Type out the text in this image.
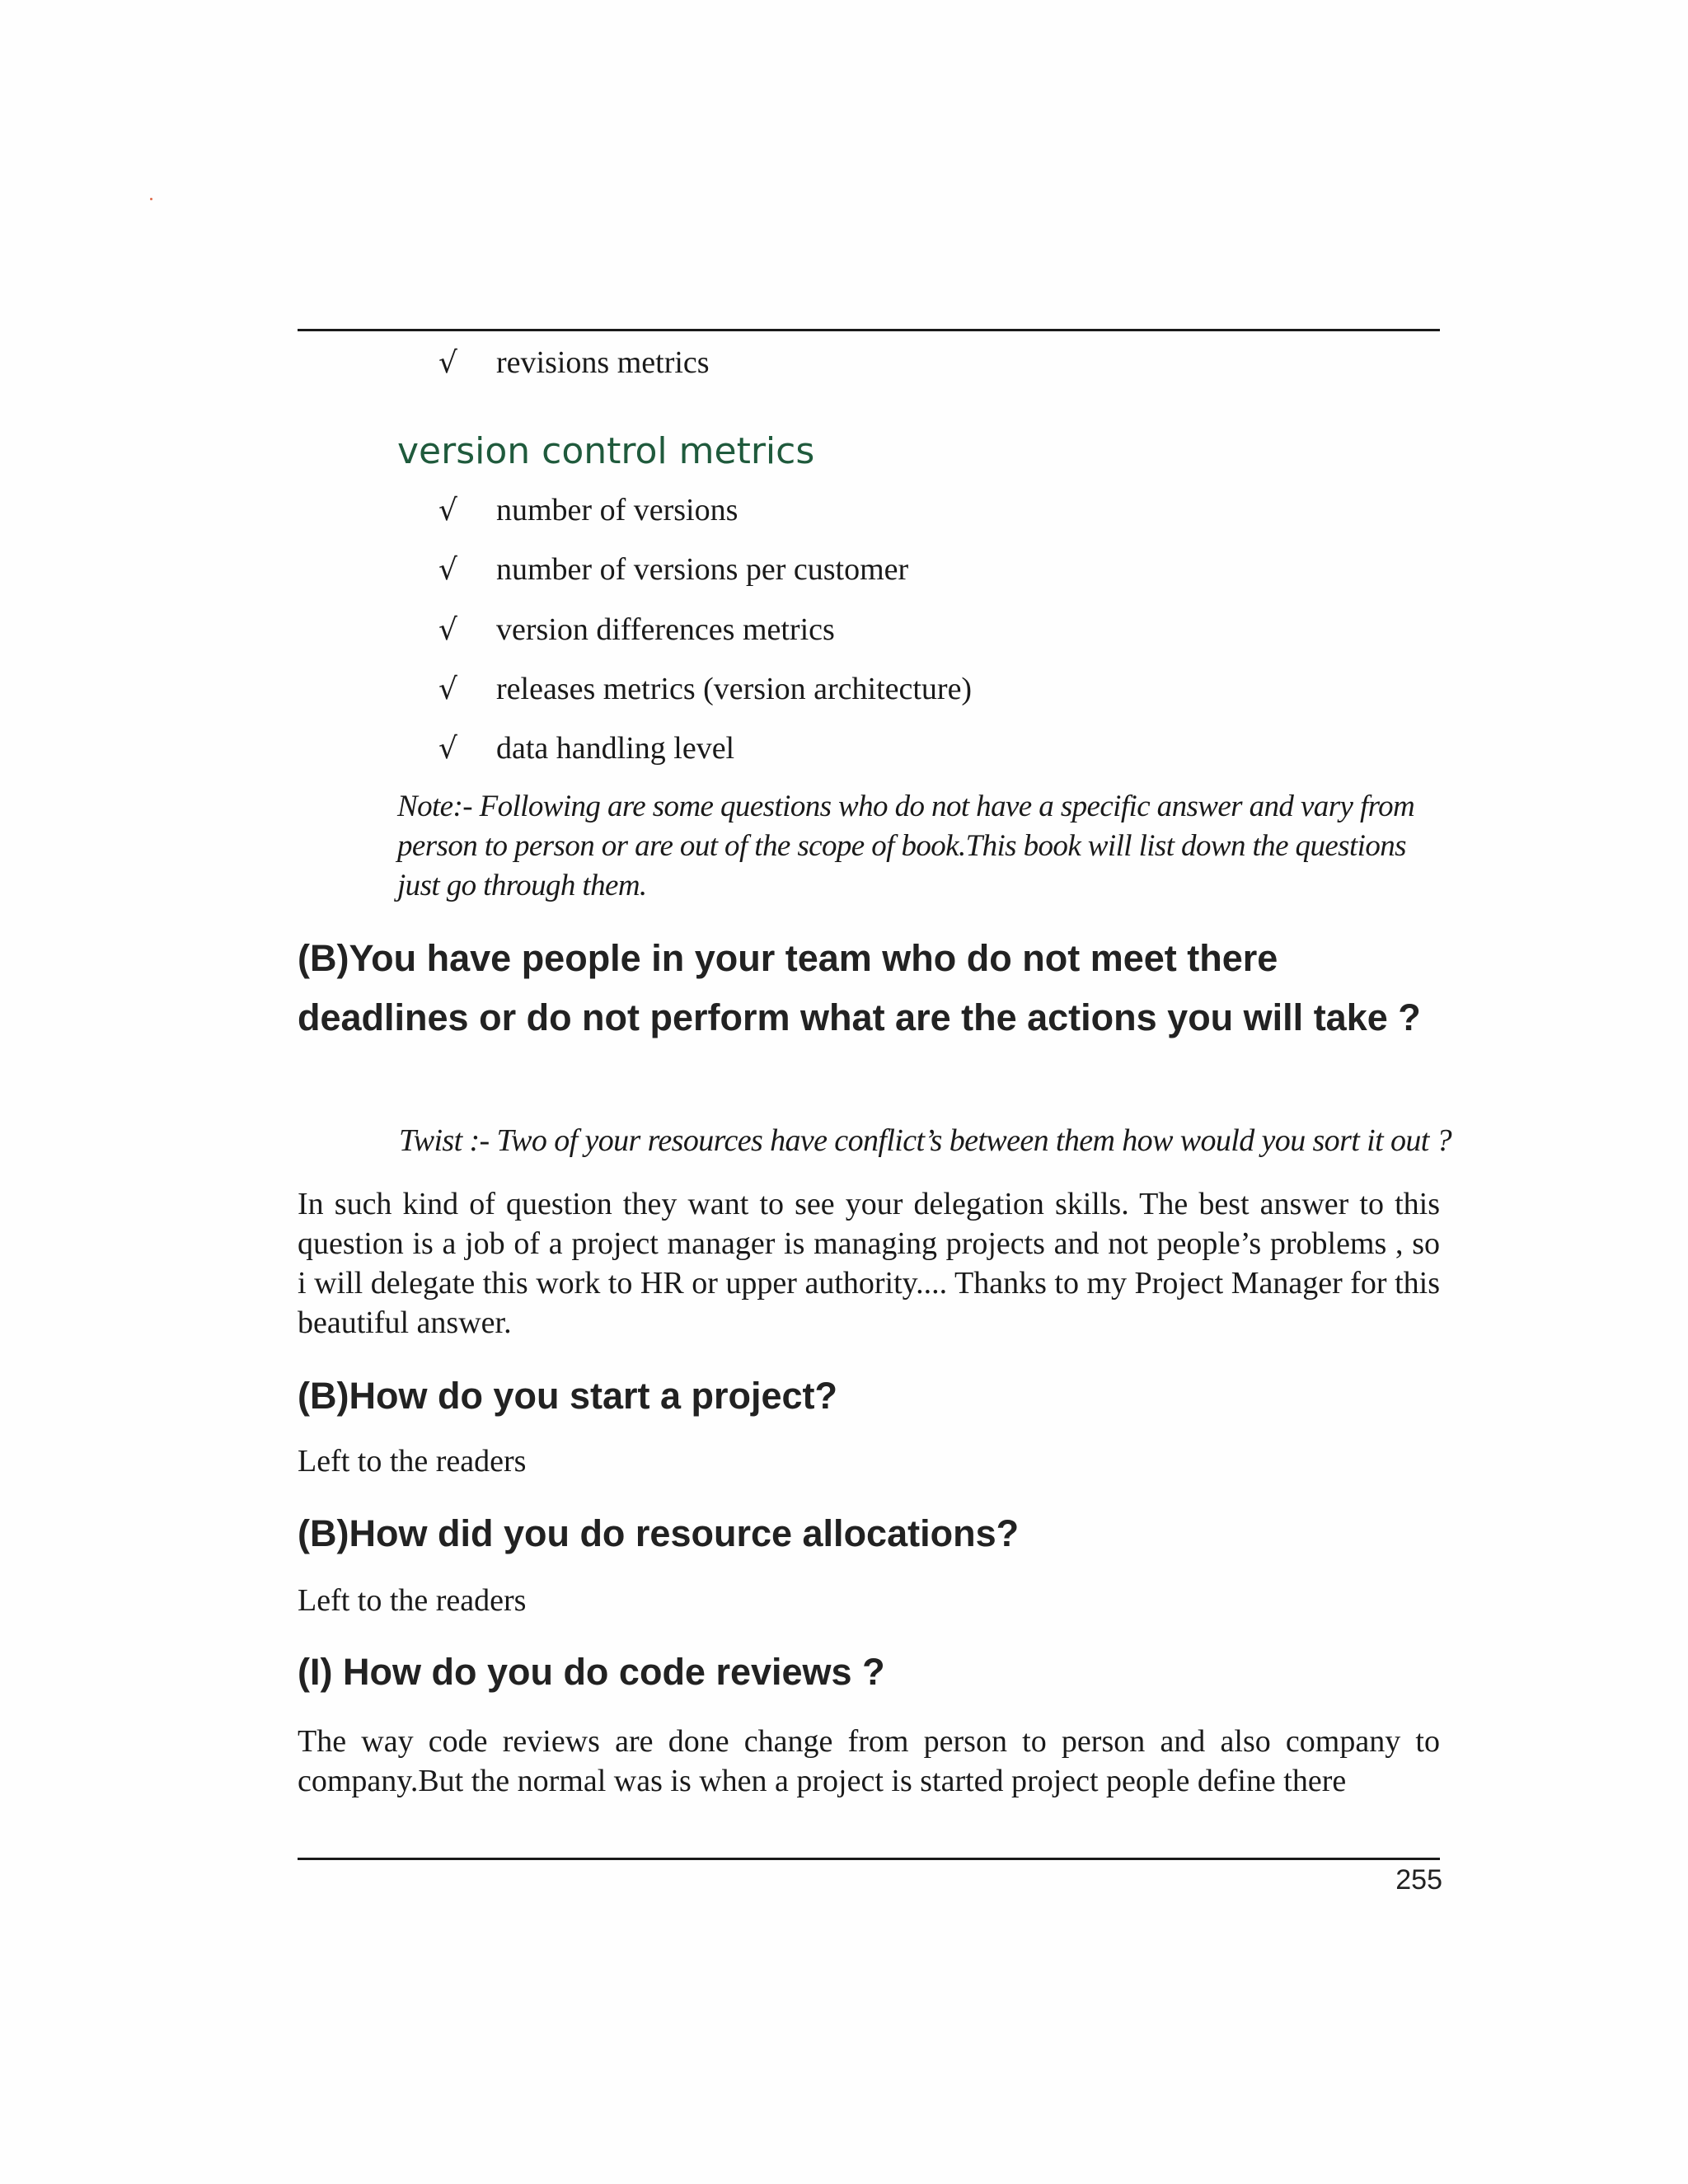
√	revisions metrics
version control metrics
√	number of versions
√	number of versions per customer
√	version differences metrics
√	releases metrics (version architecture)
√	data handling level
Note:- Following are some questions who do not have a specific answer and vary from person to person or are out of the scope of book.This book will list down the questions just go through them.
(B)You have people in your team who do not meet there deadlines or do not perform what are the actions you will take ?
Twist :- Two of your resources have conflict’s between them how would you sort it out ?
In such kind of question they want to see your delegation skills. The best answer to this question is a job of a project manager is managing projects and not people’s problems , so i will delegate this work to HR or upper authority.... Thanks to my Project Manager for this beautiful answer.
(B)How do you start a project?
Left to the readers
(B)How did you do resource allocations?
Left to the readers
(I) How do you do code reviews ?
The way code reviews are done change from person to person and also company to company.But the normal was is when a project is started project people define there
255
